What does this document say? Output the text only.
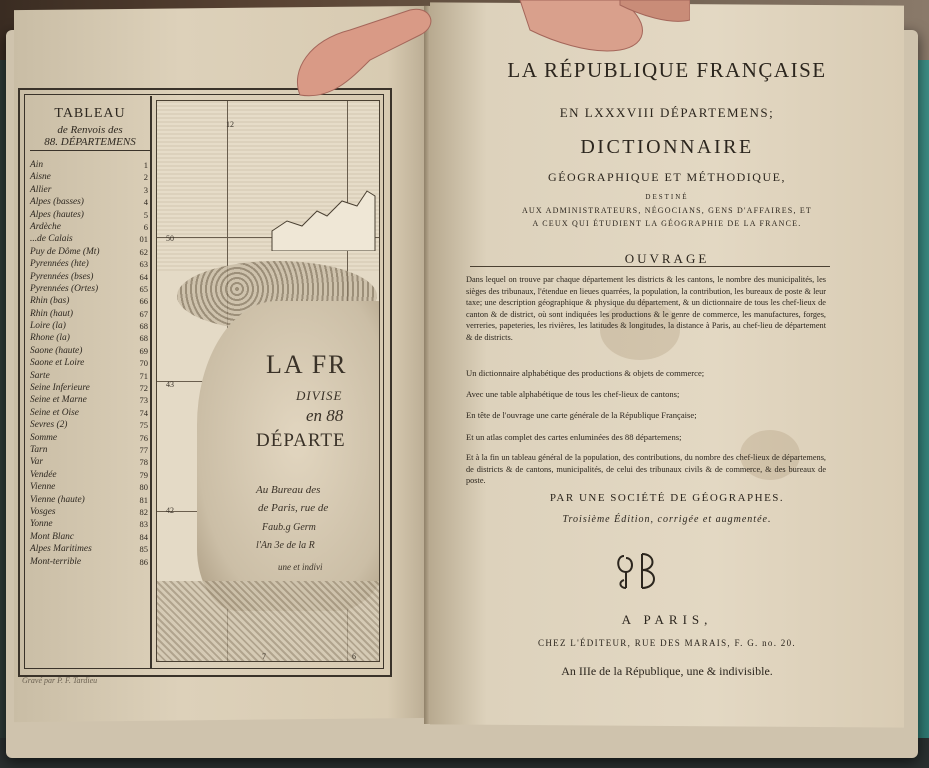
TABLEAU
de Renvois des
88. DÉPARTEMENS
Ain	1
Aisne	2
Allier	3
Alpes (basses)	4
Alpes (hautes)	5
Ardèche	6
...de Calais	01
Puy de Dôme (Mt)	62
Pyrennées (hte)	63
Pyrennées (bses)	64
Pyrennées (Ortes)	65
Rhin (bas)	66
Rhin (haut)	67
Loire (la)	68
Rhone (la)	68
Saone (haute)	69
Saone et Loire	70
Sarte	71
Seine Inferieure	72
Seine et Marne	73
Seine et Oise	74
Sevres (2)	75
Somme	76
Tarn	77
Var	78
Vendée	79
Vienne	80
Vienne (haute)	81
Vosges	82
Yonne	83
Mont Blanc	84
Alpes Maritimes	85
Mont-terrible	86
LA FR
DIVISE
en 88
DÉPARTE
Au Bureau des
de Paris, rue de
Faub.g Germ
l'An 3e de la R
une et indivi
12
50
43
42
7	6
Gravé par P. F. Tardieu
LA RÉPUBLIQUE FRANÇAISE
EN LXXXVIII DÉPARTEMENS;
DICTIONNAIRE
GÉOGRAPHIQUE ET MÉTHODIQUE,
DESTINÉ
AUX ADMINISTRATEURS, NÉGOCIANS, GENS D'AFFAIRES, ET
A CEUX QUI ÉTUDIENT LA GÉOGRAPHIE DE LA FRANCE.
OUVRAGE
Dans lequel on trouve par chaque département les districts & les cantons, le nombre des municipalités, les sièges des tribunaux, l'étendue en lieues quarrées, la population, la contribution, les bureaux de poste & leur taxe; une description géographique & physique du département, & un dictionnaire de tous les chef-lieux de canton & de district, où sont indiquées les productions & le genre de commerce, les manufactures, forges, verreries, papeteries, les rivières, les latitudes & longitudes, la distance à Paris, au chef-lieu de département & de districts.
Un dictionnaire alphabétique des productions & objets de commerce;
Avec une table alphabétique de tous les chef-lieux de cantons;
En tête de l'ouvrage une carte générale de la République Française;
Et un atlas complet des cartes enluminées des 88 départemens;
Et à la fin un tableau général de la population, des contributions, du nombre des chef-lieux de départemens, de districts & de cantons, municipalités, de celui des tribunaux civils & de commerce, & des bureaux de poste.
PAR UNE SOCIÉTÉ DE GÉOGRAPHES.
Troisième Édition, corrigée et augmentée.
A PARIS,
CHEZ L'ÉDITEUR, RUE DES MARAIS, F. G. no. 20.
An IIIe de la République, une & indivisible.
